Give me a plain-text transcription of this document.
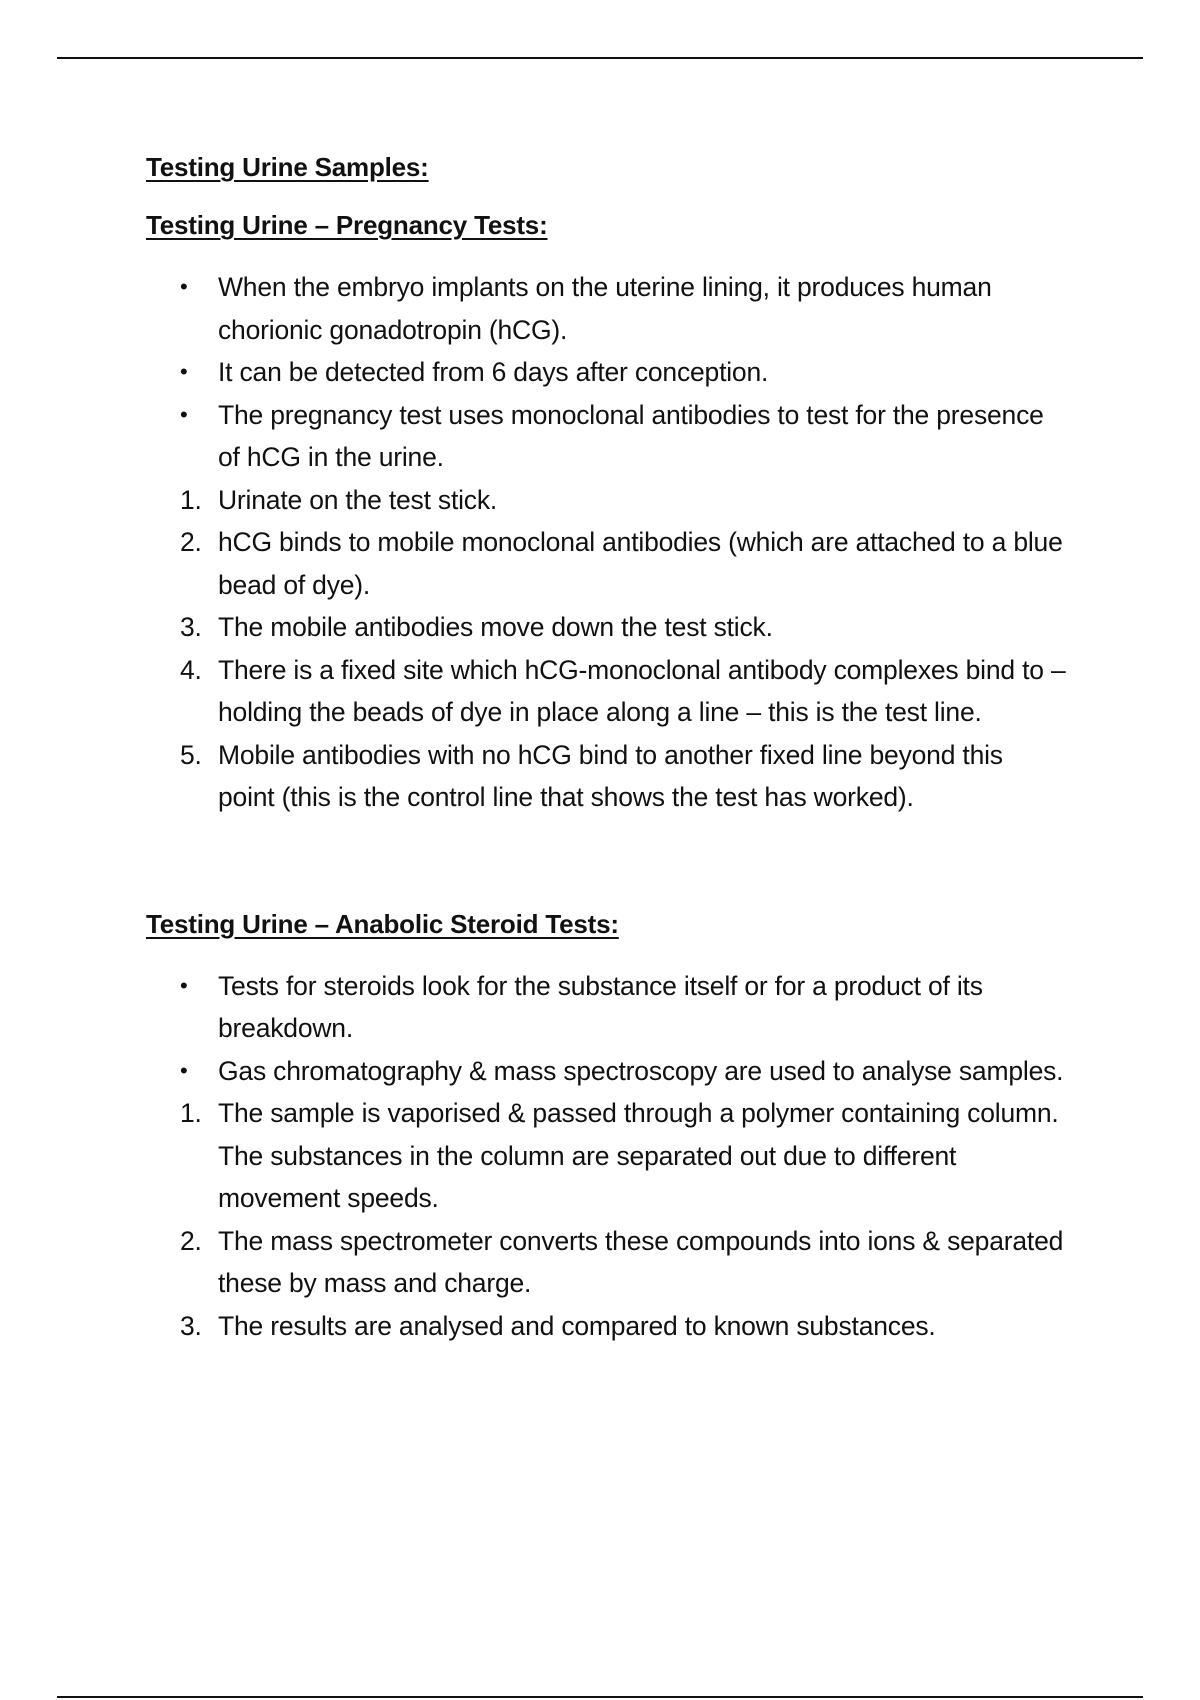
Testing Urine Samples:

Testing Urine – Pregnancy Tests:

• When the embryo implants on the uterine lining, it produces human chorionic gonadotropin (hCG).
• It can be detected from 6 days after conception.
• The pregnancy test uses monoclonal antibodies to test for the presence of hCG in the urine.
1. Urinate on the test stick.
2. hCG binds to mobile monoclonal antibodies (which are attached to a blue bead of dye).
3. The mobile antibodies move down the test stick.
4. There is a fixed site which hCG-monoclonal antibody complexes bind to – holding the beads of dye in place along a line – this is the test line.
5. Mobile antibodies with no hCG bind to another fixed line beyond this point (this is the control line that shows the test has worked).

Testing Urine – Anabolic Steroid Tests:

• Tests for steroids look for the substance itself or for a product of its breakdown.
• Gas chromatography & mass spectroscopy are used to analyse samples.
1. The sample is vaporised & passed through a polymer containing column. The substances in the column are separated out due to different movement speeds.
2. The mass spectrometer converts these compounds into ions & separated these by mass and charge.
3. The results are analysed and compared to known substances.
